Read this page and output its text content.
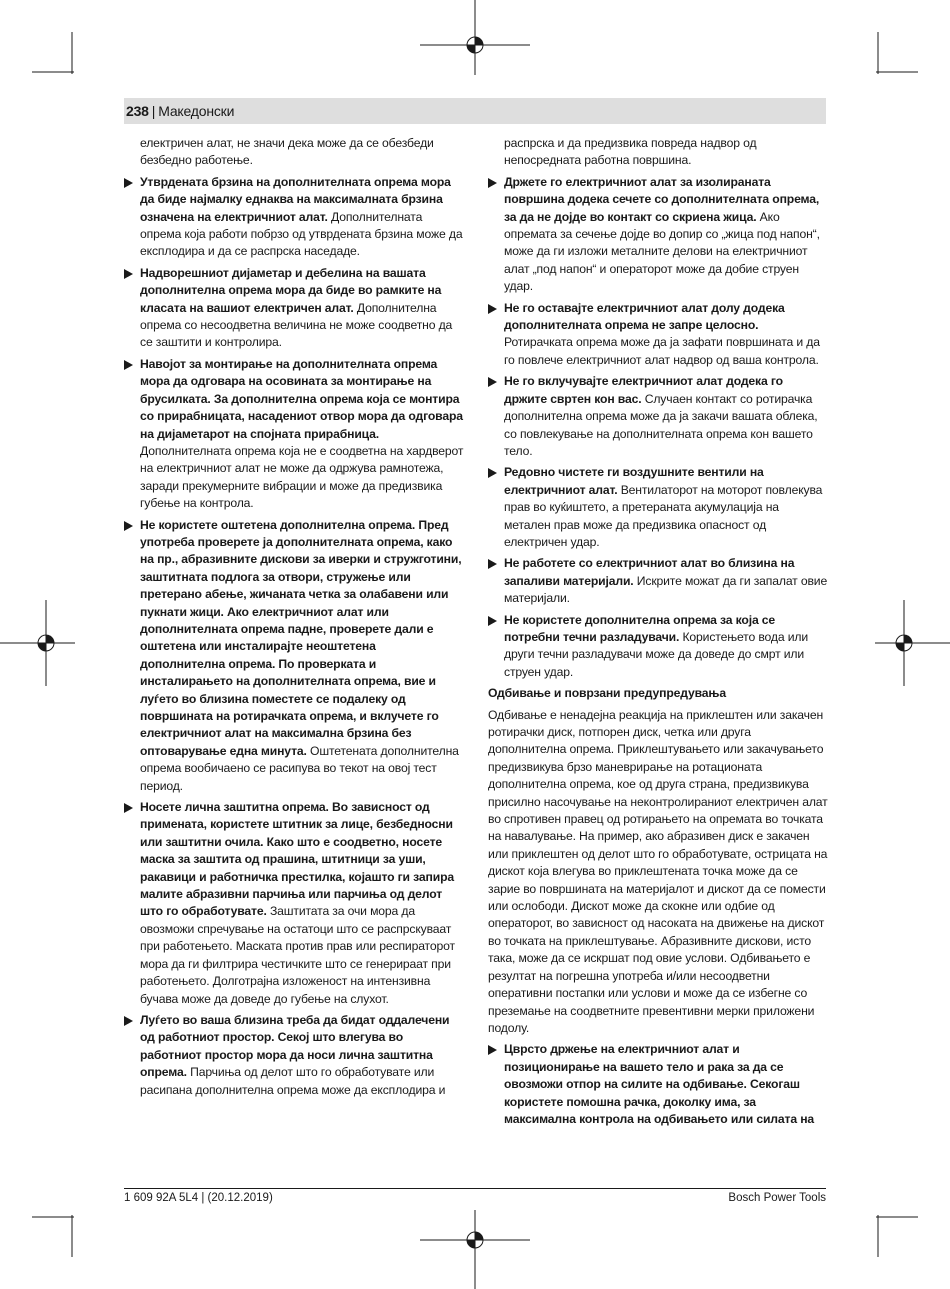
238 | Македонски

електричен алат, не значи дека може да се обезбеди безбедно работење.

Утврдената брзина на дополнителната опрема мора да биде најмалку еднаква на максималната брзина означена на електричниот алат. Дополнителната опрема која работи побрзо од утврдената брзина може да експлодира и да се распрска наседаде.
Надворешниот дијаметар и дебелина на вашата дополнителна опрема мора да биде во рамките на класата на вашиот електричен алат. Дополнителна опрема со несоодветна величина не може соодветно да се заштити и контролира.
Навојот за монтирање на дополнителната опрема мора да одговара на осовината за монтирање на брусилката. За дополнителна опрема која се монтира со прирабницата, насадениот отвор мора да одговара на дијаметарот на спојната прирабница. Дополнителната опрема која не е соодветна на хардверот на електричниот алат не може да одржува рамнотежа, заради прекумерните вибрации и може да предизвика губење на контрола.
Не користете оштетена дополнителна опрема. Пред употреба проверете ја дополнителната опрема, како на пр., абразивните дискови за иверки и стружготини, заштитната подлога за отвори, стружење или претерано абење, жичаната четка за олабавени или пукнати жици. Ако електричниот алат или дополнителната опрема падне, проверете дали е оштетена или инсталирајте неоштетена дополнителна опрема. По проверката и инсталирањето на дополнителната опрема, вие и луѓето во близина поместете се подалеку од површината на ротирачката опрема, и вклучете го електричниот алат на максимална брзина без оптоварување една минута. Оштетената дополнителна опрема вообичаено се расипува во текот на овој тест период.
Носете лична заштитна опрема. Во зависност од примената, користете штитник за лице, безбедносни или заштитни очила. Како што е соодветно, носете маска за заштита од прашина, штитници за уши, ракавици и работничка престилка, којашто ги запира малите абразивни парчиња или парчиња од делот што го обработувате. Заштитата за очи мора да овозможи спречување на остатоци што се распрскуваат при работењето. Маската против прав или респираторот мора да ги филтрира честичките што се генерираат при работењето. Долготрајна изложеност на интензивна бучава може да доведе до губење на слухот.
Луѓето во ваша близина треба да бидат оддалечени од работниот простор. Секој што влегува во работниот простор мора да носи лична заштитна опрема. Парчиња од делот што го обработувате или расипана дополнителна опрема може да експлодира и

распрска и да предизвика повреда надвор од непосредната работна површина.

Држете го електричниот алат за изолираната површина додека сечете со дополнителната опрема, за да не дојде во контакт со скриена жица. Ако опремата за сечење дојде во допир со „жица под напон“, може да ги изложи металните делови на електричниот алат „под напон“ и операторот може да добие струен удар.
Не го оставајте електричниот алат долу додека дополнителната опрема не запре целосно. Ротирачката опрема може да ја зафати површината и да го повлече електричниот алат надвор од ваша контрола.
Не го вклучувајте електричниот алат додека го држите свртен кон вас. Случаен контакт со ротирачка дополнителна опрема може да ја закачи вашата облека, со повлекување на дополнителната опрема кон вашето тело.
Редовно чистете ги воздушните вентили на електричниот алат. Вентилаторот на моторот повлекува прав во куќиштето, а претераната акумулација на метален прав може да предизвика опасност од електричен удар.
Не работете со електричниот алат во близина на запаливи материјали. Искрите можат да ги запалат овие материјали.
Не користете дополнителна опрема за која се потребни течни разладувачи. Користењето вода или други течни разладувачи може да доведе до смрт или струен удар.

Одбивање и поврзани предупредувања

Одбивање е ненадејна реакција на приклештен или закачен ротирачки диск, потпорен диск, четка или друга дополнителна опрема. Приклештувањето или закачувањето предизвикува брзо маневрирање на ротационата дополнителна опрема, кое од друга страна, предизвикува присилно насочување на неконтролираниот електричен алат во спротивен правец од ротирањето на опремата во точката на навалување. На пример, ако абразивен диск е закачен или приклештен од делот што го обработувате, острицата на дискот која влегува во приклештената точка може да се зарие во површината на материјалот и дискот да се помести или ослободи. Дискот може да скокне или одбие од операторот, во зависност од насоката на движење на дискот во точката на приклештување. Абразивните дискови, исто така, може да се искршат под овие услови. Одбивањето е резултат на погрешна употреба и/или несоодветни оперативни постапки или услови и може да се избегне со преземање на соодветните превентивни мерки приложени подолу.

Цврсто држење на електричниот алат и позиционирање на вашето тело и рака за да се овозможи отпор на силите на одбивање. Секогаш користете помошна рачка, доколку има, за максимална контрола на одбивањето или силата на
1 609 92A 5L4 | (20.12.2019)	Bosch Power Tools
